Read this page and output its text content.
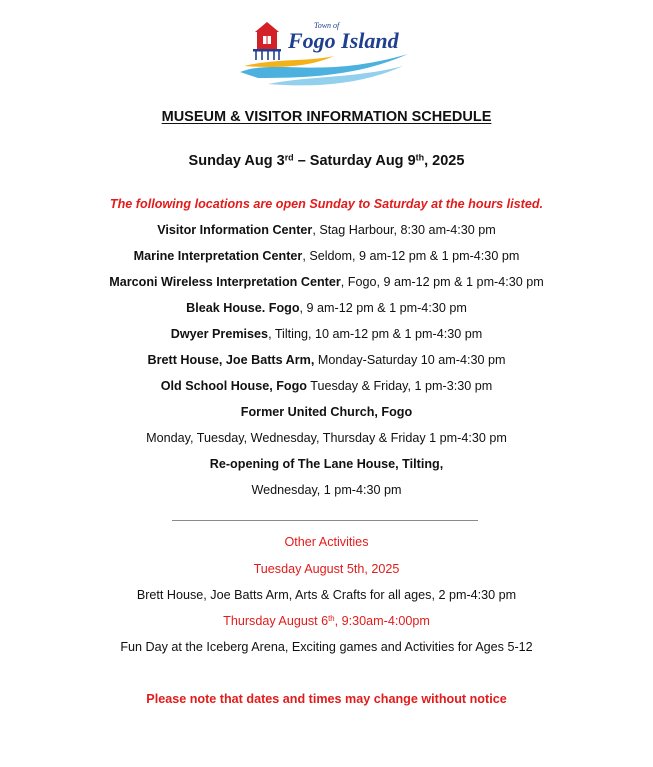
Town of
Fogo Island
MUSEUM & VISITOR INFORMATION SCHEDULE
Sunday Aug 3rd – Saturday Aug 9th, 2025
The following locations are open Sunday to Saturday at the hours listed.
Visitor Information Center, Stag Harbour, 8:30 am-4:30 pm
Marine Interpretation Center, Seldom, 9 am-12 pm & 1 pm-4:30 pm
Marconi Wireless Interpretation Center, Fogo, 9 am-12 pm & 1 pm-4:30 pm
Bleak House. Fogo, 9 am-12 pm & 1 pm-4:30 pm
Dwyer Premises, Tilting, 10 am-12 pm & 1 pm-4:30 pm
Brett House, Joe Batts Arm, Monday-Saturday 10 am-4:30 pm
Old School House, Fogo Tuesday & Friday, 1 pm-3:30 pm
Former United Church, Fogo
Monday, Tuesday, Wednesday, Thursday & Friday 1 pm-4:30 pm
Re-opening of The Lane House, Tilting,
Wednesday, 1 pm-4:30 pm
Other Activities
Tuesday August 5th, 2025
Brett House, Joe Batts Arm, Arts & Crafts for all ages, 2 pm-4:30 pm
Thursday August 6th, 9:30am-4:00pm
Fun Day at the Iceberg Arena, Exciting games and Activities for Ages 5-12
Please note that dates and times may change without notice
